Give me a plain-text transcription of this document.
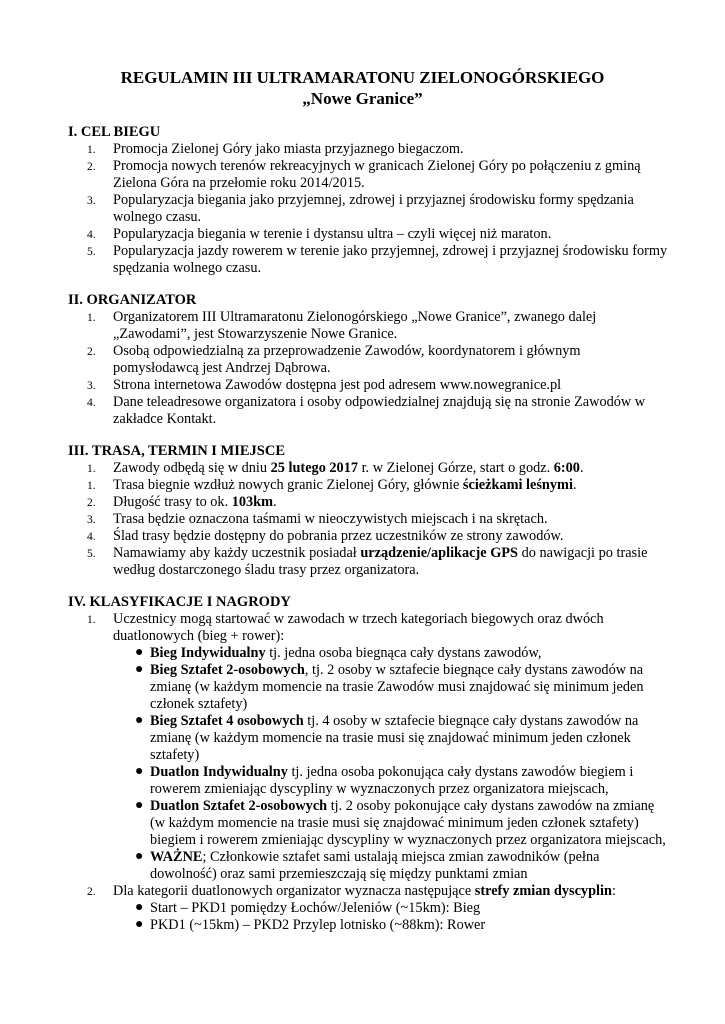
REGULAMIN III ULTRAMARATONU ZIELONOGÓRSKIEGO
„Nowe Granice”
I. CEL BIEGU
1. Promocja Zielonej Góry jako miasta przyjaznego biegaczom.
2. Promocja nowych terenów rekreacyjnych w granicach Zielonej Góry po połączeniu z gminą Zielona Góra na przełomie roku 2014/2015.
3. Popularyzacja biegania jako przyjemnej, zdrowej i przyjaznej środowisku formy spędzania wolnego czasu.
4. Popularyzacja biegania w terenie i dystansu ultra – czyli więcej niż maraton.
5. Popularyzacja jazdy rowerem w terenie jako przyjemnej, zdrowej i przyjaznej środowisku formy spędzania wolnego czasu.
II. ORGANIZATOR
1. Organizatorem III Ultramaratonu Zielonogórskiego „Nowe Granice”, zwanego dalej „Zawodami”, jest Stowarzyszenie Nowe Granice.
2. Osobą odpowiedzialną za przeprowadzenie Zawodów, koordynatorem i głównym pomysłodawcą jest Andrzej Dąbrowa.
3. Strona internetowa Zawodów dostępna jest pod adresem www.nowegranice.pl
4. Dane teleadresowe organizatora i osoby odpowiedzialnej znajdują się na stronie Zawodów w zakładce Kontakt.
III. TRASA, TERMIN I MIEJSCE
1. Zawody odbędą się w dniu 25 lutego 2017 r. w Zielonej Górze, start o godz. 6:00.
1. Trasa biegnie wzdłuż nowych granic Zielonej Góry, głównie ścieżkami leśnymi.
2. Długość trasy to ok. 103km.
3. Trasa będzie oznaczona taśmami w nieoczywistych miejscach i na skrętach.
4. Ślad trasy będzie dostępny do pobrania przez uczestników ze strony zawodów.
5. Namawiamy aby każdy uczestnik posiadał urządzenie/aplikacje GPS do nawigacji po trasie według dostarczonego śladu trasy przez organizatora.
IV. KLASYFIKACJE I NAGRODY
1. Uczestnicy mogą startować w zawodach w trzech kategoriach biegowych oraz dwóch duatlonowych (bieg + rower):
● Bieg Indywidualny tj. jedna osoba biegnąca cały dystans zawodów,
● Bieg Sztafet 2-osobowych, tj. 2 osoby w sztafecie biegnące cały dystans zawodów na zmianę (w każdym momencie na trasie Zawodów musi znajdować się minimum jeden członek sztafety)
● Bieg Sztafet 4 osobowych tj. 4 osoby w sztafecie biegnące cały dystans zawodów na zmianę (w każdym momencie na trasie musi się znajdować minimum jeden członek sztafety)
● Duatlon Indywidualny tj. jedna osoba pokonująca cały dystans zawodów biegiem i rowerem zmieniając dyscypliny w wyznaczonych przez organizatora miejscach,
● Duatlon Sztafet 2-osobowych tj. 2 osoby pokonujące cały dystans zawodów na zmianę (w każdym momencie na trasie musi się znajdować minimum jeden członek sztafety) biegiem i rowerem zmieniając dyscypliny w wyznaczonych przez organizatora miejscach,
● WAŻNE; Członkowie sztafet sami ustalają miejsca zmian zawodników (pełna dowolność) oraz sami przemieszczają się między punktami zmian
2. Dla kategorii duatlonowych organizator wyznacza następujące strefy zmian dyscyplin:
● Start – PKD1 pomiędzy Łochów/Jeleniów (~15km): Bieg
● PKD1 (~15km) – PKD2 Przylep lotnisko (~88km): Rower
